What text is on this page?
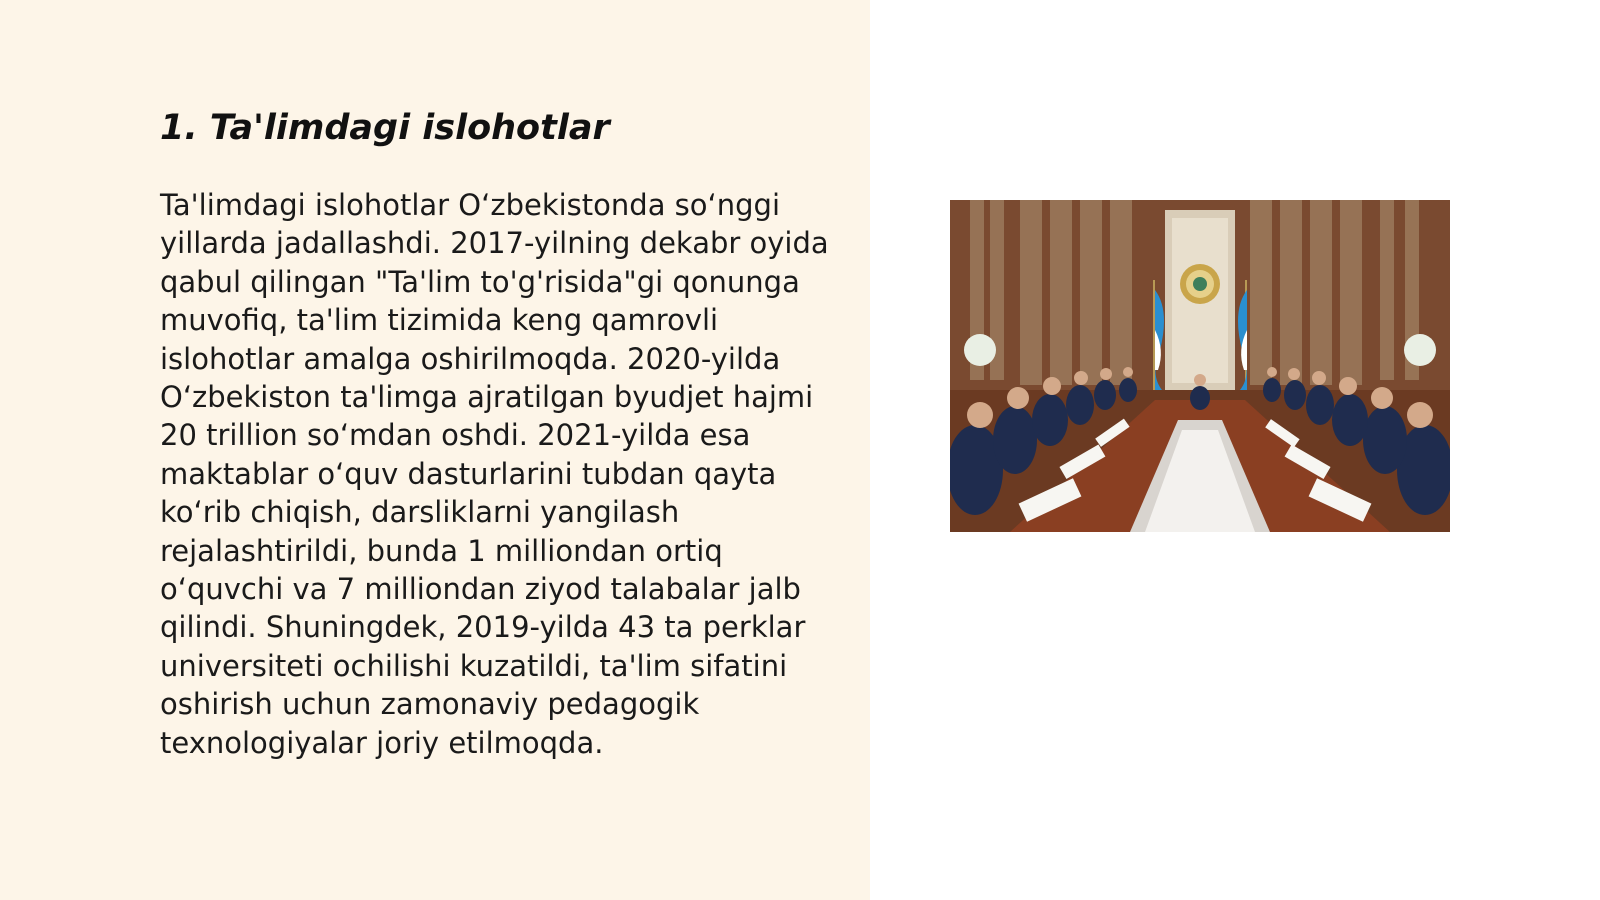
1. Ta'limdagi islohotlar

Ta'limdagi islohotlar O‘zbekistonda so‘nggi yillarda jadallashdi. 2017-yilning dekabr oyida qabul qilingan "Ta'lim to'g'risida"gi qonunga muvofiq, ta'lim tizimida keng qamrovli islohotlar amalga oshirilmoqda. 2020-yilda O‘zbekiston ta'limga ajratilgan byudjet hajmi 20 trillion so‘mdan oshdi. 2021-yilda esa maktablar o‘quv dasturlarini tubdan qayta ko‘rib chiqish, darsliklarni yangilash rejalashtirildi, bunda 1 milliondan ortiq o‘quvchi va 7 milliondan ziyod talabalar jalb qilindi. Shuningdek, 2019-yilda 43 ta perklar universiteti ochilishi kuzatildi, ta'lim sifatini oshirish uchun zamonaviy pedagogik texnologiyalar joriy etilmoqda.
